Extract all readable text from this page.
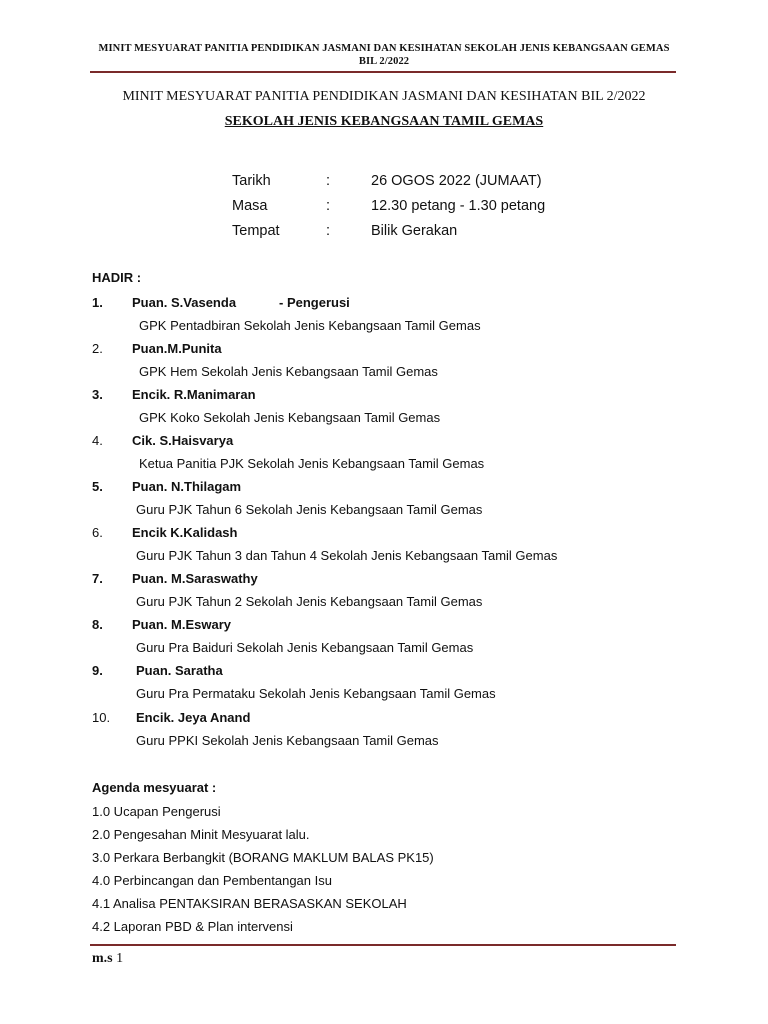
MINIT MESYUARAT PANITIA PENDIDIKAN JASMANI DAN KESIHATAN SEKOLAH JENIS KEBANGSAAN GEMAS
BIL 2/2022
MINIT MESYUARAT PANITIA PENDIDIKAN JASMANI DAN KESIHATAN BIL 2/2022
SEKOLAH JENIS KEBANGSAAN TAMIL GEMAS
Tarikh	:	26 OGOS 2022 (JUMAAT)
Masa	:	12.30 petang - 1.30 petang
Tempat	:	Bilik Gerakan
HADIR :
1. Puan. S.Vasenda	- Pengerusi
GPK Pentadbiran Sekolah Jenis Kebangsaan Tamil Gemas
2. Puan.M.Punita
GPK Hem Sekolah Jenis Kebangsaan Tamil Gemas
3. Encik. R.Manimaran
GPK Koko Sekolah Jenis Kebangsaan Tamil Gemas
4. Cik. S.Haisvarya
Ketua Panitia PJK Sekolah Jenis Kebangsaan Tamil Gemas
5. Puan. N.Thilagam
Guru PJK Tahun 6 Sekolah Jenis Kebangsaan Tamil Gemas
6. Encik K.Kalidash
Guru PJK Tahun 3 dan Tahun 4 Sekolah Jenis Kebangsaan Tamil Gemas
7. Puan. M.Saraswathy
Guru PJK Tahun 2 Sekolah Jenis Kebangsaan Tamil Gemas
8. Puan. M.Eswary
Guru Pra Baiduri Sekolah Jenis Kebangsaan Tamil Gemas
9.	Puan. Saratha
Guru Pra Permataku Sekolah Jenis Kebangsaan Tamil Gemas
10. Encik. Jeya Anand
Guru PPKI Sekolah Jenis Kebangsaan Tamil Gemas
Agenda mesyuarat :
1.0 Ucapan Pengerusi
2.0 Pengesahan Minit Mesyuarat lalu.
3.0 Perkara Berbangkit (BORANG MAKLUM BALAS PK15)
4.0 Perbincangan dan Pembentangan Isu
4.1 Analisa PENTAKSIRAN BERASASKAN SEKOLAH
4.2 Laporan PBD & Plan intervensi
m.s 1
